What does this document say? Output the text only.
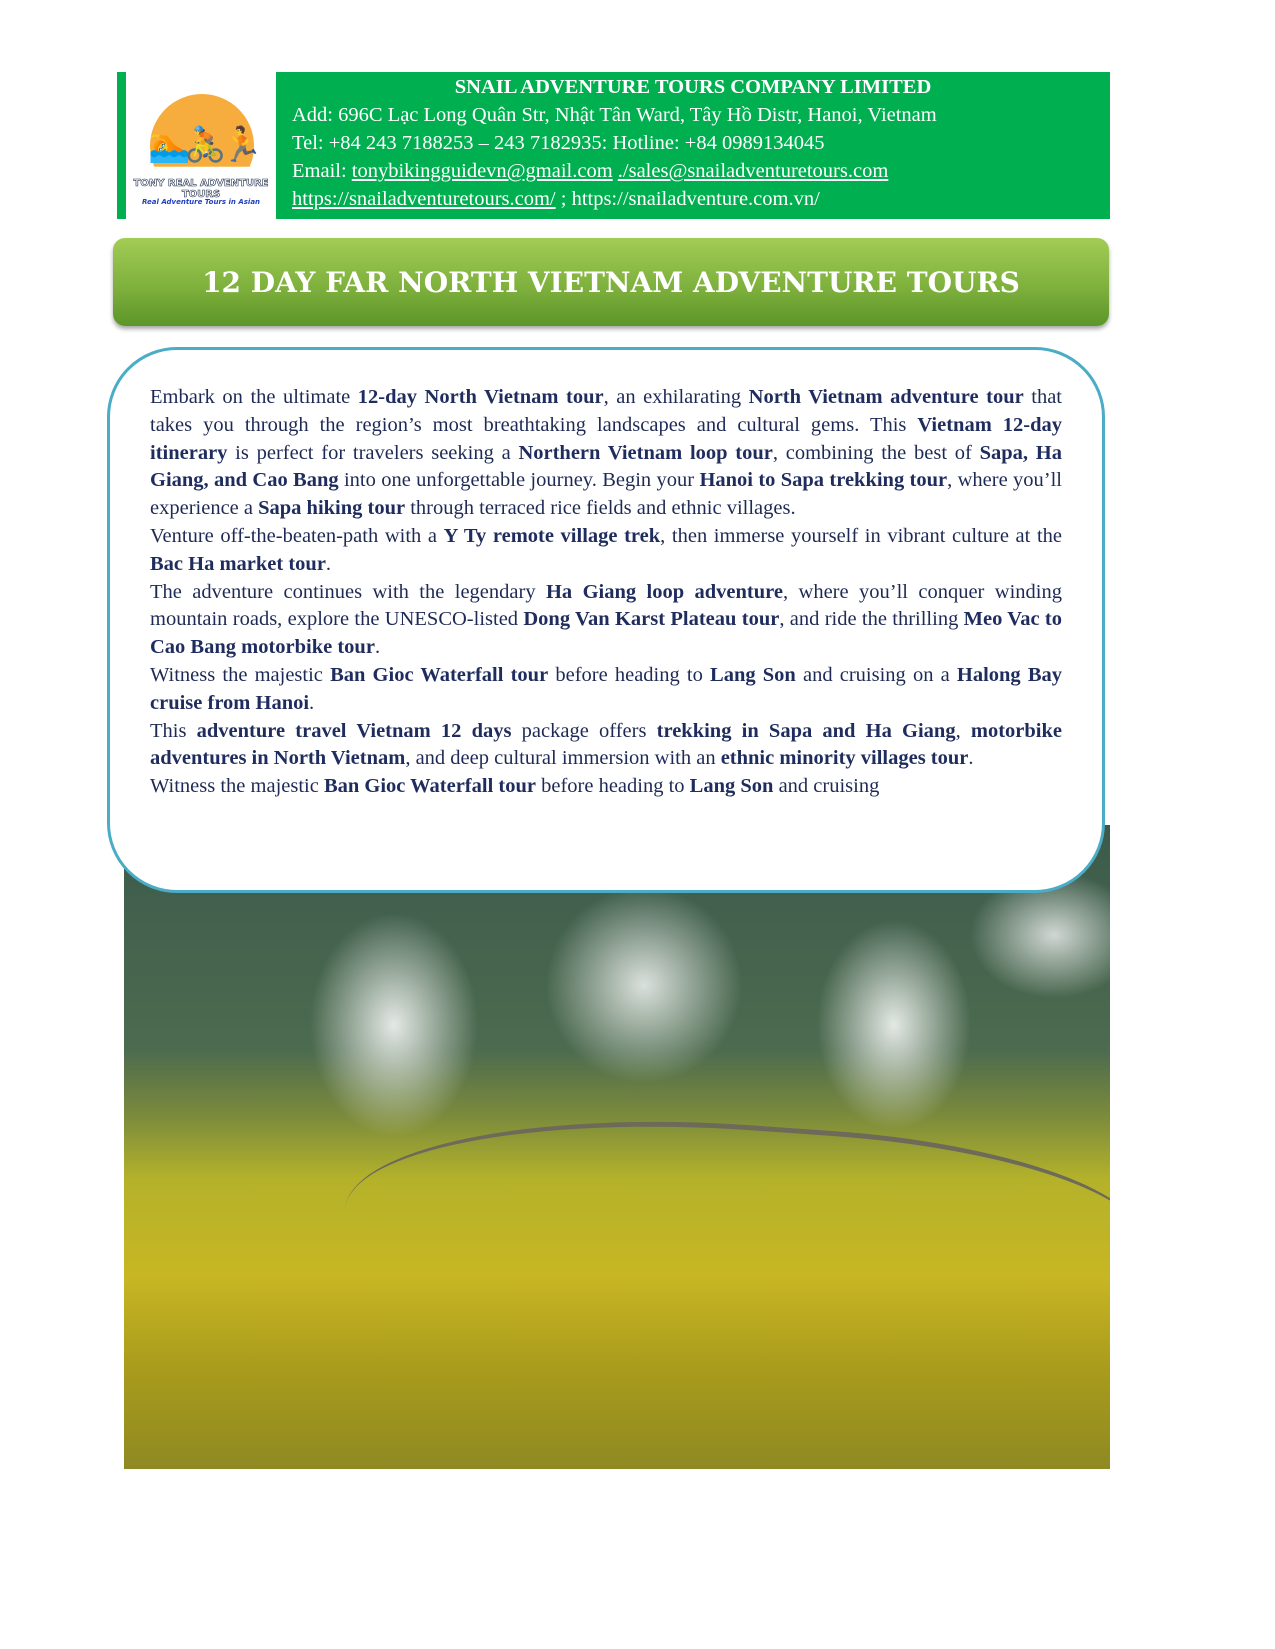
🏊🚴🏃
TONY REAL ADVENTURE TOURS
Real Adventure Tours in Asian
SNAIL ADVENTURE TOURS COMPANY LIMITED
Add: 696C Lạc Long Quân Str, Nhật Tân Ward, Tây Hồ Distr, Hanoi, Vietnam
Tel: +84 243 7188253 – 243 7182935: Hotline: +84 0989134045
Email: tonybikingguidevn@gmail.com ./sales@snailadventuretours.com
https://snailadventuretours.com/ ; https://snailadventure.com.vn/
12 DAY FAR NORTH VIETNAM ADVENTURE TOURS

Embark on the ultimate 12-day North Vietnam tour, an exhilarating North Vietnam adventure tour that takes you through the region’s most breathtaking landscapes and cultural gems. This Vietnam 12-day itinerary is perfect for travelers seeking a Northern Vietnam loop tour, combining the best of Sapa, Ha Giang, and Cao Bang into one unforgettable journey. Begin your Hanoi to Sapa trekking tour, where you’ll experience a Sapa hiking tour through terraced rice fields and ethnic villages.

Venture off-the-beaten-path with a Y Ty remote village trek, then immerse yourself in vibrant culture at the Bac Ha market tour.

The adventure continues with the legendary Ha Giang loop adventure, where you’ll conquer winding mountain roads, explore the UNESCO-listed Dong Van Karst Plateau tour, and ride the thrilling Meo Vac to Cao Bang motorbike tour.

Witness the majestic Ban Gioc Waterfall tour before heading to Lang Son and cruising on a Halong Bay cruise from Hanoi.

This adventure travel Vietnam 12 days package offers trekking in Sapa and Ha Giang, motorbike adventures in North Vietnam, and deep cultural immersion with an ethnic minority villages tour.

Witness the majestic Ban Gioc Waterfall tour before heading to Lang Son and cruising
